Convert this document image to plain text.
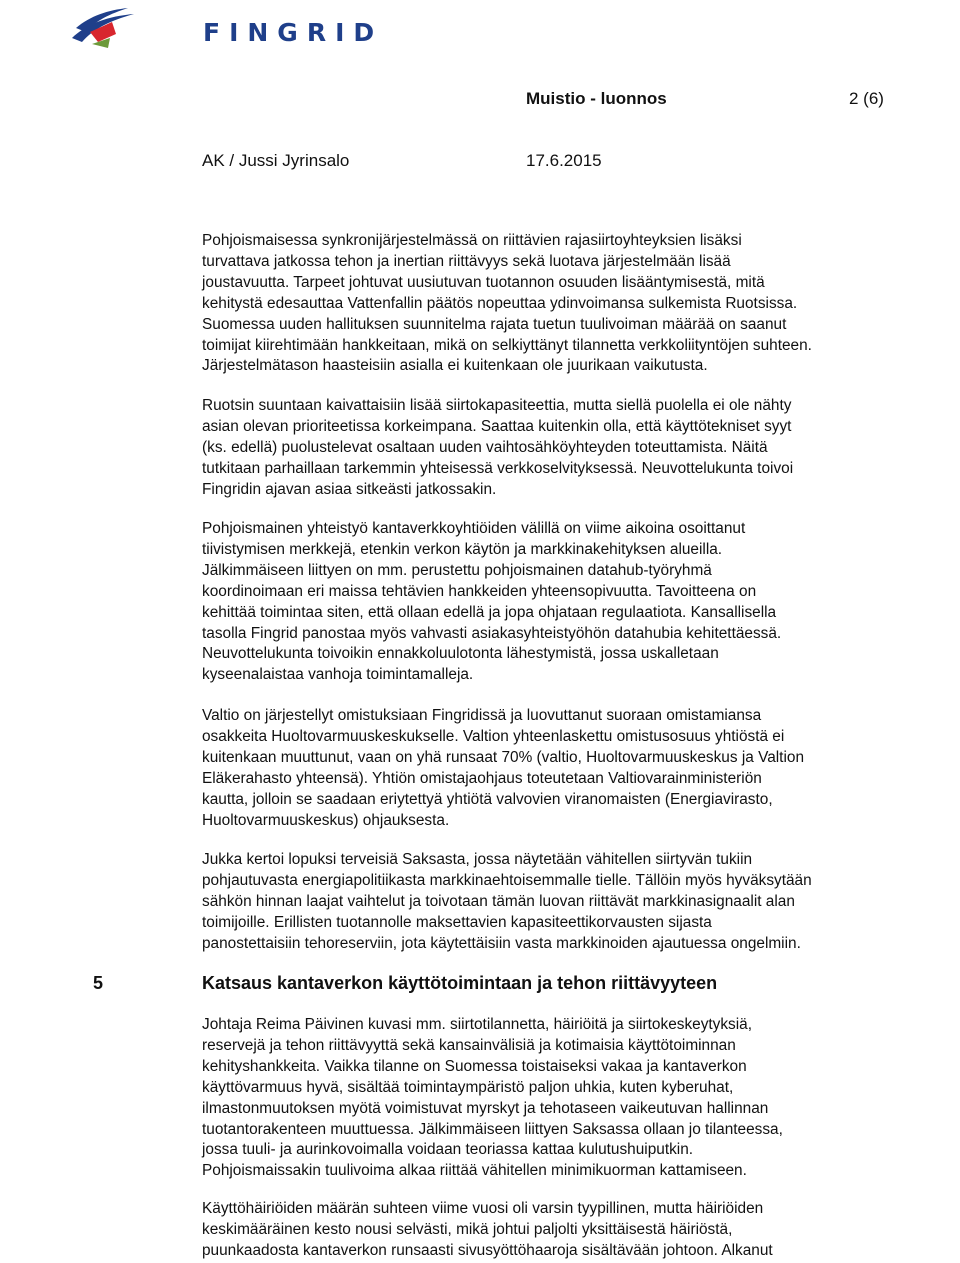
FINGRID
Muistio - luonnos	2 (6)
AK / Jussi Jyrinsalo	17.6.2015

Pohjoismaisessa synkronijärjestelmässä on riittävien rajasiirtoyhteyksien lisäksi
turvattava jatkossa tehon ja inertian riittävyys sekä luotava järjestelmään lisää
joustavuutta. Tarpeet johtuvat uusiutuvan tuotannon osuuden lisääntymisestä, mitä
kehitystä edesauttaa Vattenfallin päätös nopeuttaa ydinvoimansa sulkemista Ruotsissa.
Suomessa uuden hallituksen suunnitelma rajata tuetun tuulivoiman määrää on saanut
toimijat kiirehtimään hankkeitaan, mikä on selkiyttänyt tilannetta verkkoliityntöjen suhteen.
Järjestelmätason haasteisiin asialla ei kuitenkaan ole juurikaan vaikutusta.

Ruotsin suuntaan kaivattaisiin lisää siirtokapasiteettia, mutta siellä puolella ei ole nähty
asian olevan prioriteetissa korkeimpana. Saattaa kuitenkin olla, että käyttötekniset syyt
(ks. edellä) puolustelevat osaltaan uuden vaihtosähköyhteyden toteuttamista. Näitä
tutkitaan parhaillaan tarkemmin yhteisessä verkkoselvityksessä. Neuvottelukunta toivoi
Fingridin ajavan asiaa sitkeästi jatkossakin.

Pohjoismainen yhteistyö kantaverkkoyhtiöiden välillä on viime aikoina osoittanut
tiivistymisen merkkejä, etenkin verkon käytön ja markkinakehityksen alueilla.
Jälkimmäiseen liittyen on mm. perustettu pohjoismainen datahub-työryhmä
koordinoimaan eri maissa tehtävien hankkeiden yhteensopivuutta. Tavoitteena on
kehittää toimintaa siten, että ollaan edellä ja jopa ohjataan regulaatiota. Kansallisella
tasolla Fingrid panostaa myös vahvasti asiakasyhteistyöhön datahubia kehitettäessä.
Neuvottelukunta toivoikin ennakkoluulotonta lähestymistä, jossa uskalletaan
kyseenalaistaa vanhoja toimintamalleja.

Valtio on järjestellyt omistuksiaan Fingridissä ja luovuttanut suoraan omistamiansa
osakkeita Huoltovarmuuskeskukselle. Valtion yhteenlaskettu omistusosuus yhtiöstä ei
kuitenkaan muuttunut, vaan on yhä runsaat 70% (valtio, Huoltovarmuuskeskus ja Valtion
Eläkerahasto yhteensä). Yhtiön omistajaohjaus toteutetaan Valtiovarainministeriön
kautta, jolloin se saadaan eriytettyä yhtiötä valvovien viranomaisten (Energiavirasto,
Huoltovarmuuskeskus) ohjauksesta.

Jukka kertoi lopuksi terveisiä Saksasta, jossa näytetään vähitellen siirtyvän tukiin
pohjautuvasta energiapolitiikasta markkinaehtoisemmalle tielle. Tällöin myös hyväksytään
sähkön hinnan laajat vaihtelut ja toivotaan tämän luovan riittävät markkinasignaalit alan
toimijoille. Erillisten tuotannolle maksettavien kapasiteettikorvausten sijasta
panostettaisiin tehoreserviin, jota käytettäisiin vasta markkinoiden ajautuessa ongelmiin.

5	Katsaus kantaverkon käyttötoimintaan ja tehon riittävyyteen

Johtaja Reima Päivinen kuvasi mm. siirtotilannetta, häiriöitä ja siirtokeskeytyksiä,
reservejä ja tehon riittävyyttä sekä kansainvälisiä ja kotimaisia käyttötoiminnan
kehityshankkeita. Vaikka tilanne on Suomessa toistaiseksi vakaa ja kantaverkon
käyttövarmuus hyvä, sisältää toimintaympäristö paljon uhkia, kuten kyberuhat,
ilmastonmuutoksen myötä voimistuvat myrskyt ja tehotaseen vaikeutuvan hallinnan
tuotantorakenteen muuttuessa. Jälkimmäiseen liittyen Saksassa ollaan jo tilanteessa,
jossa tuuli- ja aurinkovoimalla voidaan teoriassa kattaa kulutushuiputkin.
Pohjoismaissakin tuulivoima alkaa riittää vähitellen minimikuorman kattamiseen.

Käyttöhäiriöiden määrän suhteen viime vuosi oli varsin tyypillinen, mutta häiriöiden
keskimääräinen kesto nousi selvästi, mikä johtui paljolti yksittäisestä häiriöstä,
puunkaadosta kantaverkon runsaasti sivusyöttöhaaroja sisältävään johtoon. Alkanut
